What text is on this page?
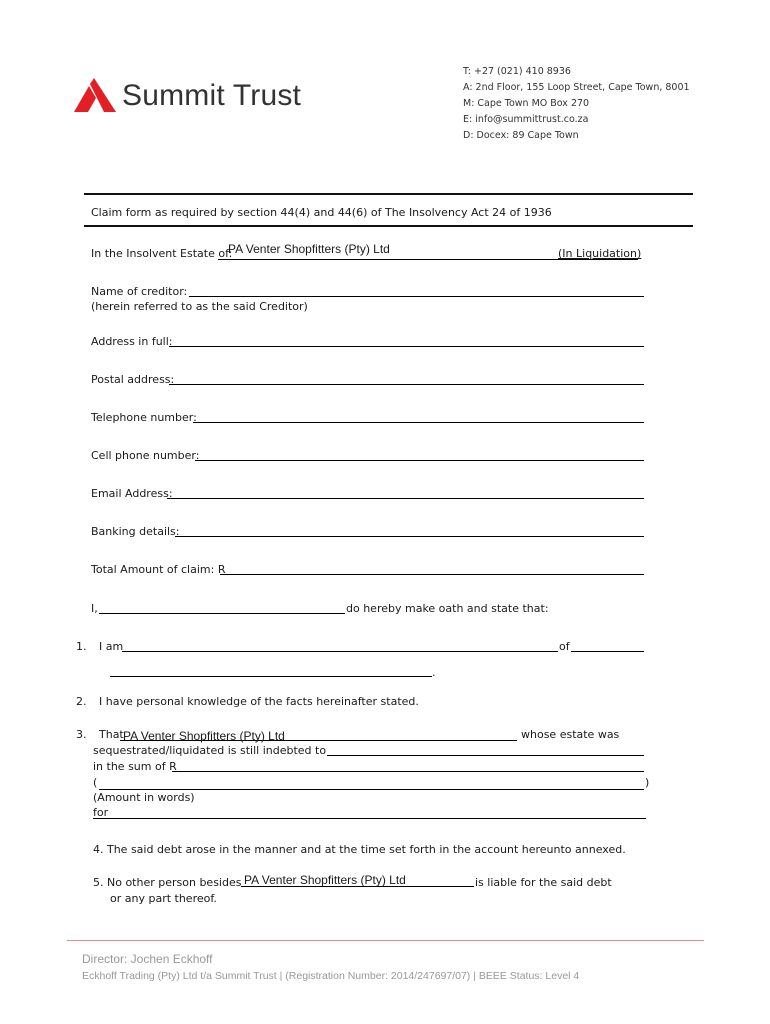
Summit Trust
T: +27 (021) 410 8936
A: 2nd Floor, 155 Loop Street, Cape Town, 8001
M: Cape Town MO Box 270
E: info@summittrust.co.za
D: Docex: 89 Cape Town
Claim form as required by section 44(4) and 44(6) of The Insolvency Act 24 of 1936
In the Insolvent Estate of:
PA Venter Shopfitters (Pty) Ltd	(In Liquidation)
Name of creditor:
(herein referred to as the said Creditor)
Address in full:
Postal address:
Telephone number:
Cell phone number:
Email Address:
Banking details:
Total Amount of claim: R
I,	do hereby make oath and state that:
1. I am	of
.
2. I have personal knowledge of the facts hereinafter stated.
3. That PA Venter Shopfitters (Pty) Ltd	whose estate was
sequestrated/liquidated is still indebted to
in the sum of R
(	)
(Amount in words)
for
4. The said debt arose in the manner and at the time set forth in the account hereunto annexed.
5. No other person besides PA Venter Shopfitters (Pty) Ltd	is liable for the said debt
or any part thereof.
Director: Jochen Eckhoff
Eckhoff Trading (Pty) Ltd t/a Summit Trust | (Registration Number: 2014/247697/07) | BEEE Status: Level 4
